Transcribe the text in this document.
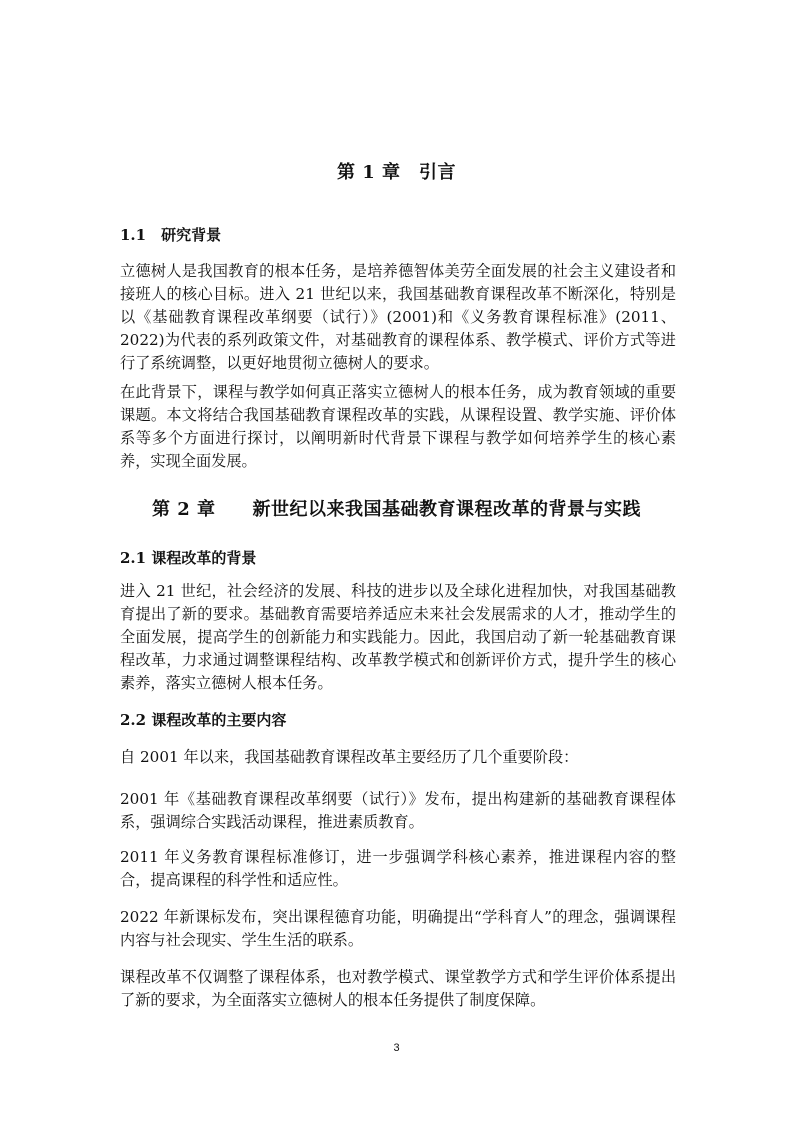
第 1 章　引言
1.1　研究背景

立德树人是我国教育的根本任务，是培养德智体美劳全面发展的社会主义建设者和接班人的核心目标。进入 21 世纪以来，我国基础教育课程改革不断深化，特别是以《基础教育课程改革纲要（试行）》(2001)和《义务教育课程标准》(2011、2022)为代表的系列政策文件，对基础教育的课程体系、教学模式、评价方式等进行了系统调整，以更好地贯彻立德树人的要求。

在此背景下，课程与教学如何真正落实立德树人的根本任务，成为教育领域的重要课题。本文将结合我国基础教育课程改革的实践，从课程设置、教学实施、评价体系等多个方面进行探讨，以阐明新时代背景下课程与教学如何培养学生的核心素养，实现全面发展。

第 2 章　　新世纪以来我国基础教育课程改革的背景与实践
2.1 课程改革的背景

进入 21 世纪，社会经济的发展、科技的进步以及全球化进程加快，对我国基础教育提出了新的要求。基础教育需要培养适应未来社会发展需求的人才，推动学生的全面发展，提高学生的创新能力和实践能力。因此，我国启动了新一轮基础教育课程改革，力求通过调整课程结构、改革教学模式和创新评价方式，提升学生的核心素养，落实立德树人根本任务。

2.2 课程改革的主要内容

自 2001 年以来，我国基础教育课程改革主要经历了几个重要阶段：

2001 年《基础教育课程改革纲要（试行）》发布，提出构建新的基础教育课程体系，强调综合实践活动课程，推进素质教育。

2011 年义务教育课程标准修订，进一步强调学科核心素养，推进课程内容的整合，提高课程的科学性和适应性。

2022 年新课标发布，突出课程德育功能，明确提出“学科育人”的理念，强调课程内容与社会现实、学生生活的联系。

课程改革不仅调整了课程体系，也对教学模式、课堂教学方式和学生评价体系提出了新的要求，为全面落实立德树人的根本任务提供了制度保障。

3
